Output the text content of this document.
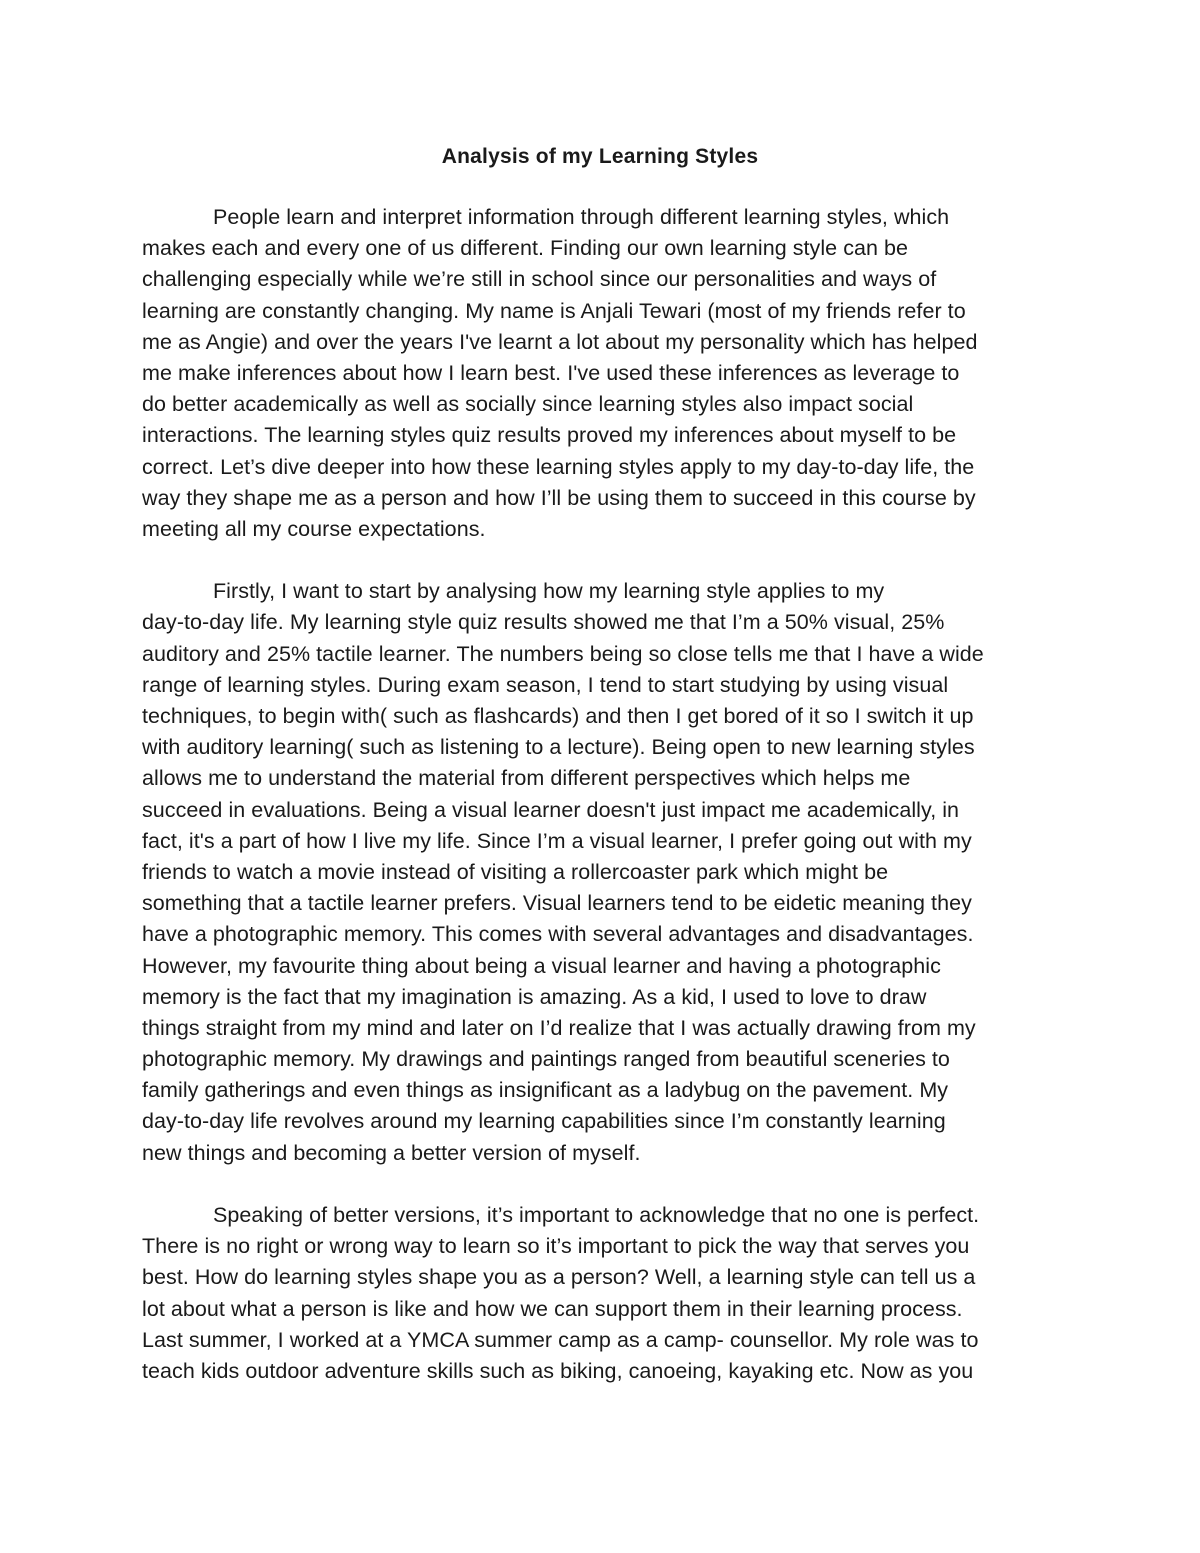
Analysis of my Learning Styles
People learn and interpret information through different learning styles, which
makes each and every one of us different. Finding our own learning style can be
challenging especially while we’re still in school since our personalities and ways of
learning are constantly changing. My name is Anjali Tewari (most of my friends refer to
me as Angie) and over the years I've learnt a lot about my personality which has helped
me make inferences about how I learn best. I've used these inferences as leverage to
do better academically as well as socially since learning styles also impact social
interactions. The learning styles quiz results proved my inferences about myself to be
correct. Let’s dive deeper into how these learning styles apply to my day-to-day life, the
way they shape me as a person and how I’ll be using them to succeed in this course by
meeting all my course expectations.
Firstly, I want to start by analysing how my learning style applies to my
day-to-day life. My learning style quiz results showed me that I’m a 50% visual, 25%
auditory and 25% tactile learner. The numbers being so close tells me that I have a wide
range of learning styles. During exam season, I tend to start studying by using visual
techniques, to begin with( such as flashcards) and then I get bored of it so I switch it up
with auditory learning( such as listening to a lecture). Being open to new learning styles
allows me to understand the material from different perspectives which helps me
succeed in evaluations. Being a visual learner doesn't just impact me academically, in
fact, it's a part of how I live my life. Since I’m a visual learner, I prefer going out with my
friends to watch a movie instead of visiting a rollercoaster park which might be
something that a tactile learner prefers. Visual learners tend to be eidetic meaning they
have a photographic memory. This comes with several advantages and disadvantages.
However, my favourite thing about being a visual learner and having a photographic
memory is the fact that my imagination is amazing. As a kid, I used to love to draw
things straight from my mind and later on I’d realize that I was actually drawing from my
photographic memory. My drawings and paintings ranged from beautiful sceneries to
family gatherings and even things as insignificant as a ladybug on the pavement. My
day-to-day life revolves around my learning capabilities since I’m constantly learning
new things and becoming a better version of myself.
Speaking of better versions, it’s important to acknowledge that no one is perfect.
There is no right or wrong way to learn so it’s important to pick the way that serves you
best. How do learning styles shape you as a person? Well, a learning style can tell us a
lot about what a person is like and how we can support them in their learning process.
Last summer, I worked at a YMCA summer camp as a camp- counsellor. My role was to
teach kids outdoor adventure skills such as biking, canoeing, kayaking etc. Now as you
